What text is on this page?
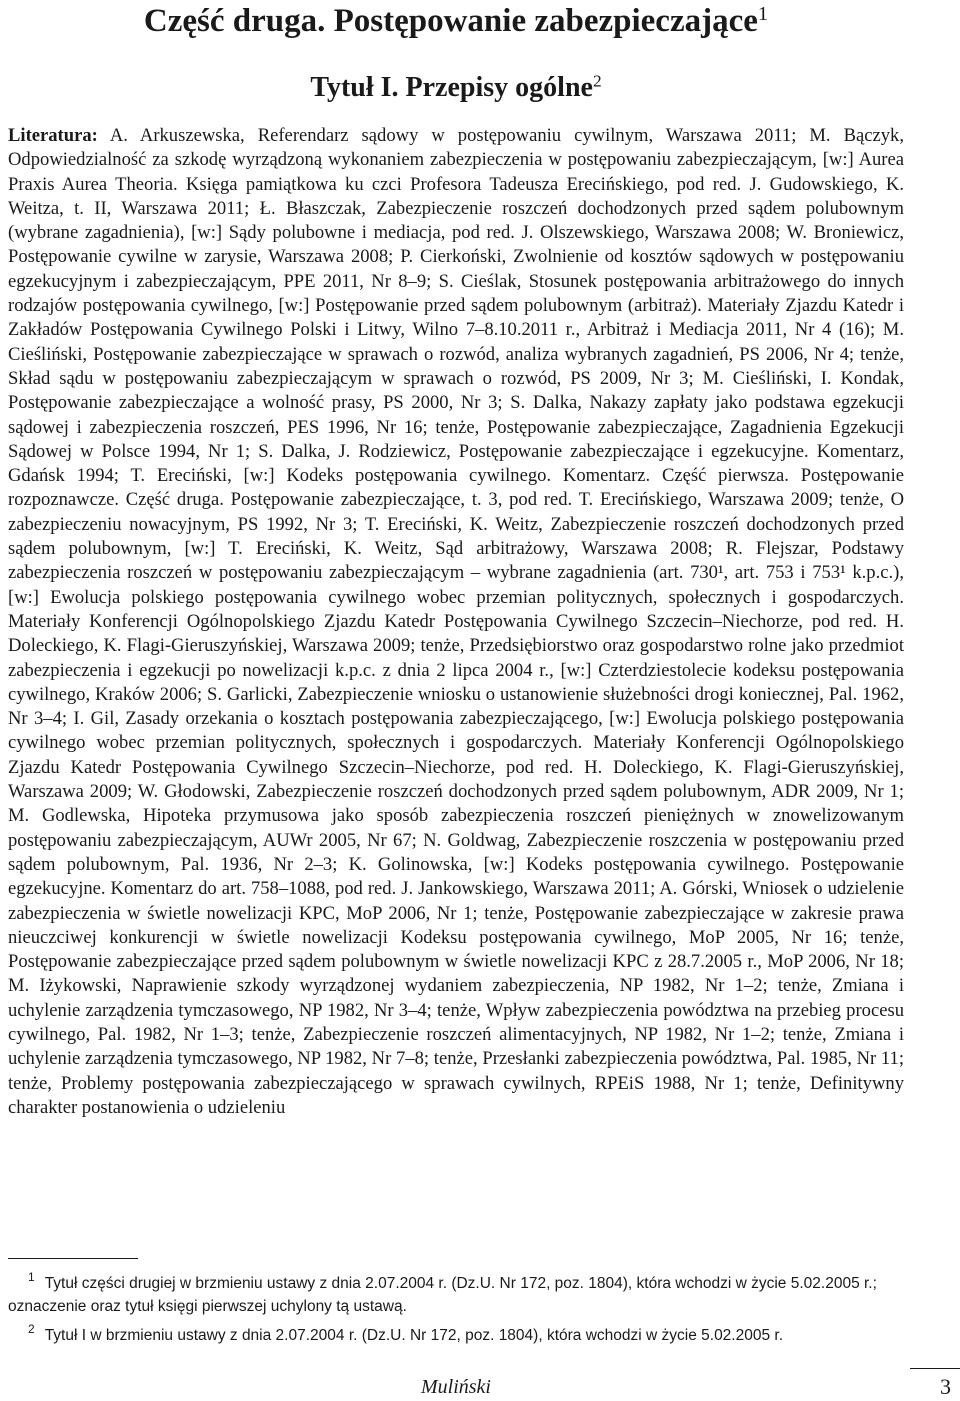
Część druga. Postępowanie zabezpieczające$^1$
Tytuł I. Przepisy ogólne$^2$
Literatura: A. Arkuszewska, Referendarz sądowy w postępowaniu cywilnym, Warszawa 2011; M. Bączyk, Odpowiedzialność za szkodę wyrządzoną wykonaniem zabezpieczenia w postępowaniu zabezpieczającym, [w:] Aurea Praxis Aurea Theoria. Księga pamiątkowa ku czci Profesora Tadeusza Erecińskiego, pod red. J. Gudowskiego, K. Weitza, t. II, Warszawa 2011; Ł. Błaszczak, Zabezpieczenie roszczeń dochodzonych przed sądem polubownym (wybrane zagadnienia), [w:] Sądy polubowne i mediacja, pod red. J. Olszewskiego, Warszawa 2008; W. Broniewicz, Postępowanie cywilne w zarysie, Warszawa 2008; P. Cierkoński, Zwolnienie od kosztów sądowych w postępowaniu egzekucyjnym i zabezpieczającym, PPE 2011, Nr 8–9; S. Cieślak, Stosunek postępowania arbitrażowego do innych rodzajów postępowania cywilnego, [w:] Postępowanie przed sądem polubownym (arbitraż). Materiały Zjazdu Katedr i Zakładów Postępowania Cywilnego Polski i Litwy, Wilno 7–8.10.2011 r., Arbitraż i Mediacja 2011, Nr 4 (16); M. Cieśliński, Postępowanie zabezpieczające w sprawach o rozwód, analiza wybranych zagadnień, PS 2006, Nr 4; tenże, Skład sądu w postępowaniu zabezpieczającym w sprawach o rozwód, PS 2009, Nr 3; M. Cieśliński, I. Kondak, Postępowanie zabezpieczające a wolność prasy, PS 2000, Nr 3; S. Dalka, Nakazy zapłaty jako podstawa egzekucji sądowej i zabezpieczenia roszczeń, PES 1996, Nr 16; tenże, Postępowanie zabezpieczające, Zagadnienia Egzekucji Sądowej w Polsce 1994, Nr 1; S. Dalka, J. Rodziewicz, Postępowanie zabezpieczające i egzekucyjne. Komentarz, Gdańsk 1994; T. Ereciński, [w:] Kodeks postępowania cywilnego. Komentarz. Część pierwsza. Postępowanie rozpoznawcze. Część druga. Postępowanie zabezpieczające, t. 3, pod red. T. Erecińskiego, Warszawa 2009; tenże, O zabezpieczeniu nowacyjnym, PS 1992, Nr 3; T. Ereciński, K. Weitz, Zabezpieczenie roszczeń dochodzonych przed sądem polubownym, [w:] T. Ereciński, K. Weitz, Sąd arbitrażowy, Warszawa 2008; R. Flejszar, Podstawy zabezpieczenia roszczeń w postępowaniu zabezpieczającym – wybrane zagadnienia (art. 730¹, art. 753 i 753¹ k.p.c.), [w:] Ewolucja polskiego postępowania cywilnego wobec przemian politycznych, społecznych i gospodarczych. Materiały Konferencji Ogólnopolskiego Zjazdu Katedr Postępowania Cywilnego Szczecin–Niechorze, pod red. H. Doleckiego, K. Flagi-Gieruszyńskiej, Warszawa 2009; tenże, Przedsiębiorstwo oraz gospodarstwo rolne jako przedmiot zabezpieczenia i egzekucji po nowelizacji k.p.c. z dnia 2 lipca 2004 r., [w:] Czterdziestolecie kodeksu postępowania cywilnego, Kraków 2006; S. Garlicki, Zabezpieczenie wniosku o ustanowienie służebności drogi koniecznej, Pal. 1962, Nr 3–4; I. Gil, Zasady orzekania o kosztach postępowania zabezpieczającego, [w:] Ewolucja polskiego postępowania cywilnego wobec przemian politycznych, społecznych i gospodarczych. Materiały Konferencji Ogólnopolskiego Zjazdu Katedr Postępowania Cywilnego Szczecin–Niechorze, pod red. H. Doleckiego, K. Flagi-Gieruszyńskiej, Warszawa 2009; W. Głodowski, Zabezpieczenie roszczeń dochodzonych przed sądem polubownym, ADR 2009, Nr 1; M. Godlewska, Hipoteka przymusowa jako sposób zabezpieczenia roszczeń pieniężnych w znowelizowanym postępowaniu zabezpieczającym, AUWr 2005, Nr 67; N. Goldwag, Zabezpieczenie roszczenia w postępowaniu przed sądem polubownym, Pal. 1936, Nr 2–3; K. Golinowska, [w:] Kodeks postępowania cywilnego. Postępowanie egzekucyjne. Komentarz do art. 758–1088, pod red. J. Jankowskiego, Warszawa 2011; A. Górski, Wniosek o udzielenie zabezpieczenia w świetle nowelizacji KPC, MoP 2006, Nr 1; tenże, Postępowanie zabezpieczające w zakresie prawa nieuczciwej konkurencji w świetle nowelizacji Kodeksu postępowania cywilnego, MoP 2005, Nr 16; tenże, Postępowanie zabezpieczające przed sądem polubownym w świetle nowelizacji KPC z 28.7.2005 r., MoP 2006, Nr 18; M. Iżykowski, Naprawienie szkody wyrządzonej wydaniem zabezpieczenia, NP 1982, Nr 1–2; tenże, Zmiana i uchylenie zarządzenia tymczasowego, NP 1982, Nr 3–4; tenże, Wpływ zabezpieczenia powództwa na przebieg procesu cywilnego, Pal. 1982, Nr 1–3; tenże, Zabezpieczenie roszczeń alimentacyjnych, NP 1982, Nr 1–2; tenże, Zmiana i uchylenie zarządzenia tymczasowego, NP 1982, Nr 7–8; tenże, Przesłanki zabezpieczenia powództwa, Pal. 1985, Nr 11; tenże, Problemy postępowania zabezpieczającego w sprawach cywilnych, RPEiS 1988, Nr 1; tenże, Definitywny charakter postanowienia o udzieleniu
$^1$ Tytuł części drugiej w brzmieniu ustawy z dnia 2.07.2004 r. (Dz.U. Nr 172, poz. 1804), która wchodzi w życie 5.02.2005 r.; oznaczenie oraz tytuł księgi pierwszej uchylony tą ustawą.
$^2$ Tytuł I w brzmieniu ustawy z dnia 2.07.2004 r. (Dz.U. Nr 172, poz. 1804), która wchodzi w życie 5.02.2005 r.
Muliński	3
